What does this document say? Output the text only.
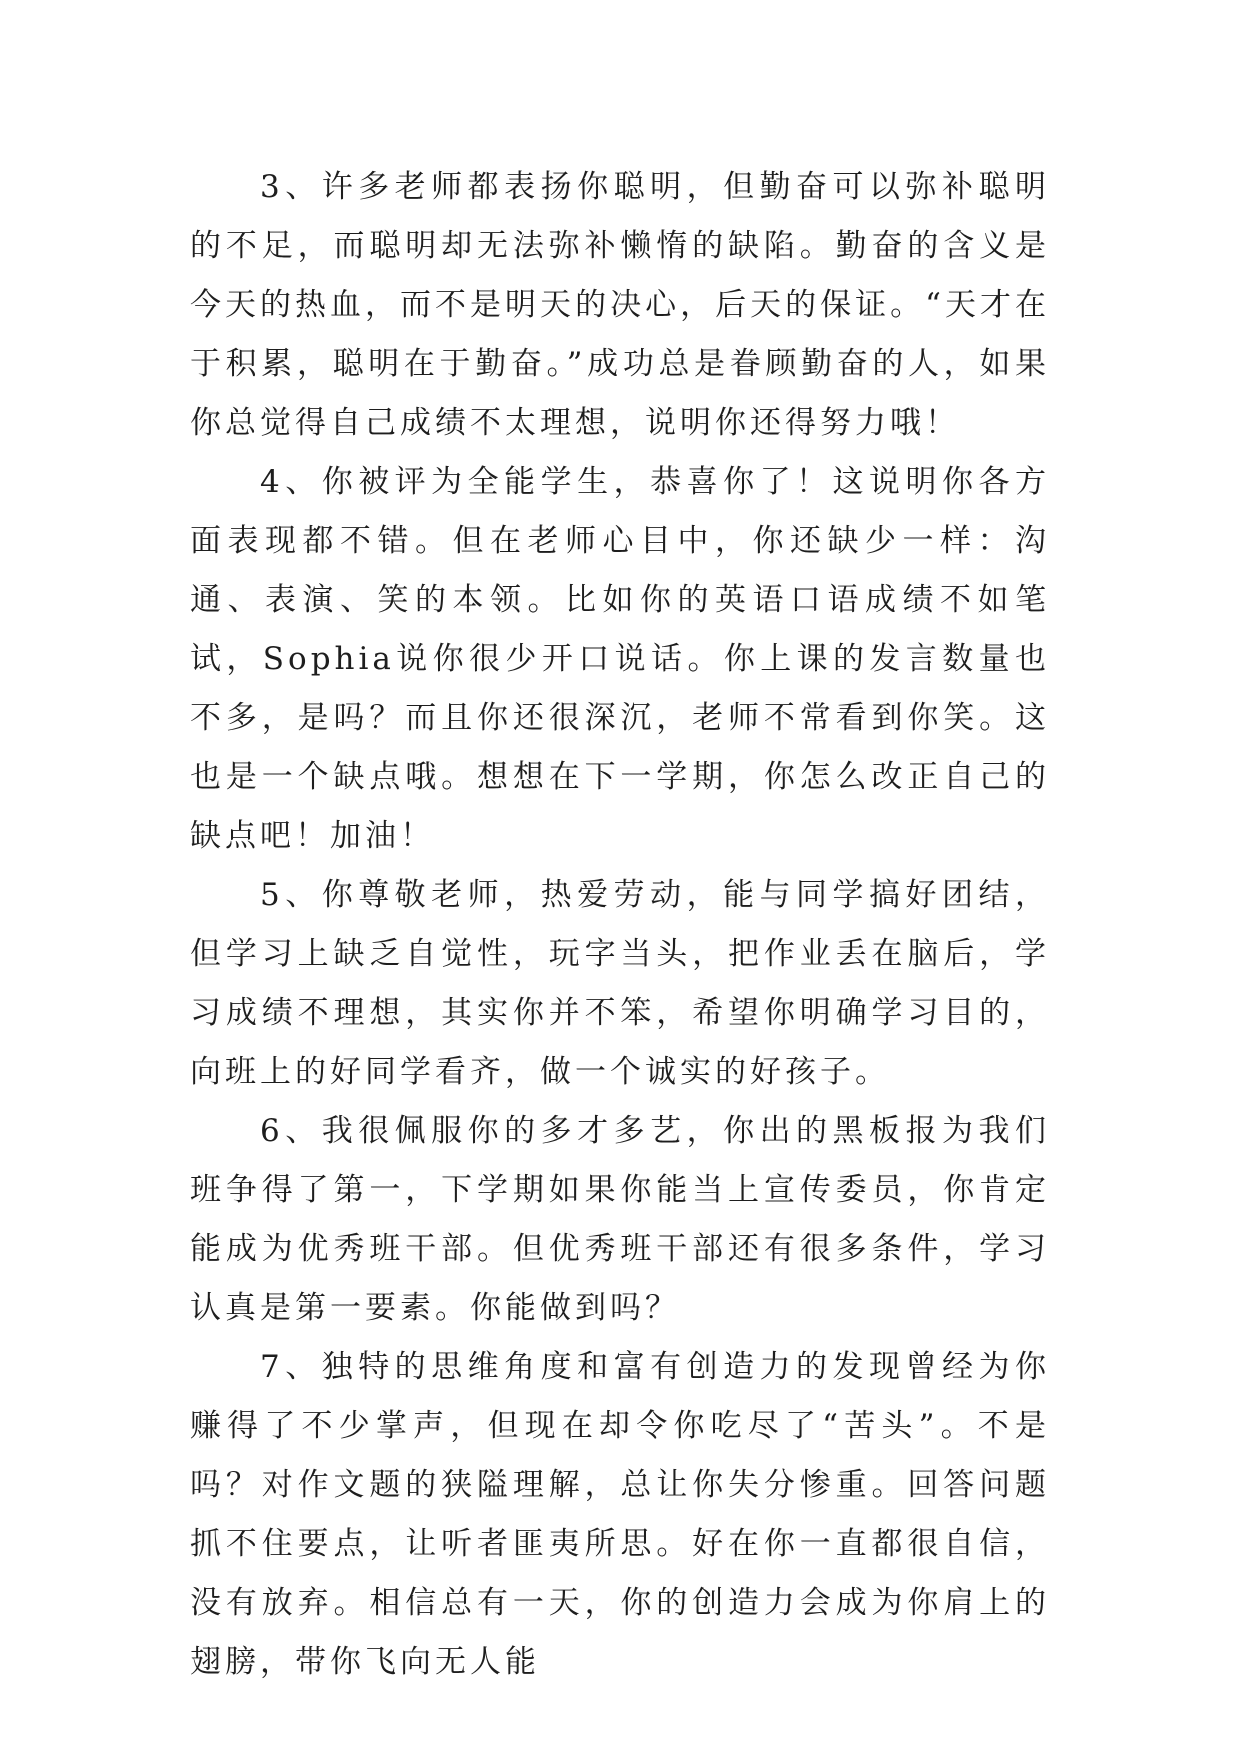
3、许多老师都表扬你聪明，但勤奋可以弥补聪明的不足，而聪明却无法弥补懒惰的缺陷。勤奋的含义是今天的热血，而不是明天的决心，后天的保证。“天才在于积累，聪明在于勤奋。”成功总是眷顾勤奋的人，如果你总觉得自己成绩不太理想，说明你还得努力哦！

4、你被评为全能学生，恭喜你了！这说明你各方面表现都不错。但在老师心目中，你还缺少一样：沟通、表演、笑的本领。比如你的英语口语成绩不如笔试，Sophia说你很少开口说话。你上课的发言数量也不多，是吗？而且你还很深沉，老师不常看到你笑。这也是一个缺点哦。想想在下一学期，你怎么改正自己的缺点吧！加油！

5、你尊敬老师，热爱劳动，能与同学搞好团结，但学习上缺乏自觉性，玩字当头，把作业丢在脑后，学习成绩不理想，其实你并不笨，希望你明确学习目的，向班上的好同学看齐，做一个诚实的好孩子。

6、我很佩服你的多才多艺，你出的黑板报为我们班争得了第一，下学期如果你能当上宣传委员，你肯定能成为优秀班干部。但优秀班干部还有很多条件，学习认真是第一要素。你能做到吗？

7、独特的思维角度和富有创造力的发现曾经为你赚得了不少掌声，但现在却令你吃尽了“苦头”。不是吗？对作文题的狭隘理解，总让你失分惨重。回答问题抓不住要点，让听者匪夷所思。好在你一直都很自信，没有放弃。相信总有一天，你的创造力会成为你肩上的翅膀，带你飞向无人能
